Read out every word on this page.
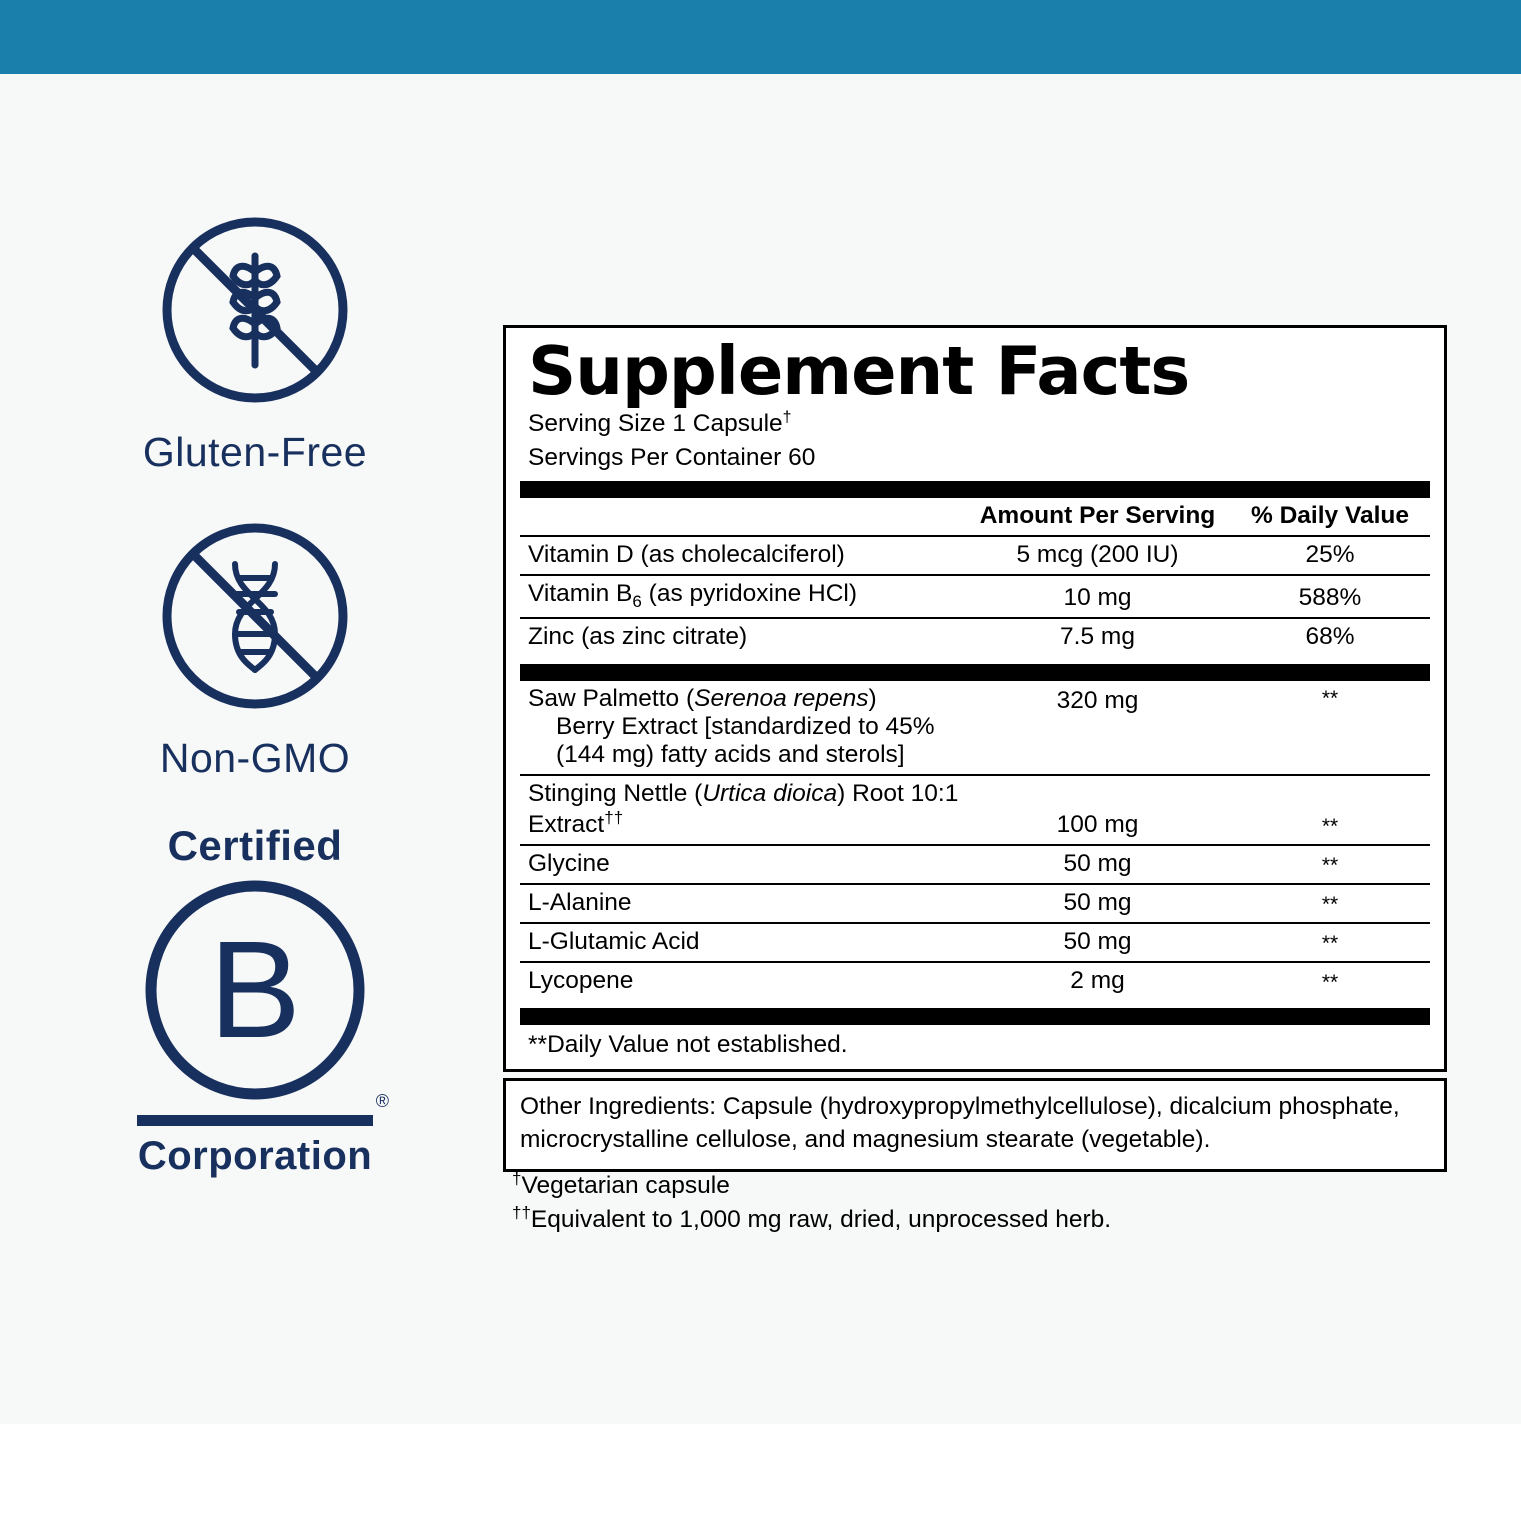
Gluten-Free
Non-GMO
Certified
B
®
Corporation
Supplement Facts
Serving Size 1 Capsule†
Servings Per Container 60
	Amount Per Serving	% Daily Value
Vitamin D (as cholecalciferol)	5 mcg (200 IU)	25%
Vitamin $B_6$ (as pyridoxine HCl)	10 mg	588%
Zinc (as zinc citrate)	7.5 mg	68%
Saw Palmetto (Serenoa repens)
Berry Extract [standardized to 45% (144 mg) fatty acids and sterols]	320 mg	**
Stinging Nettle (Urtica dioica) Root 10:1 Extract††	100 mg	**
Glycine	50 mg	**
L-Alanine	50 mg	**
L-Glutamic Acid	50 mg	**
Lycopene	2 mg	**
**Daily Value not established.
Other Ingredients: Capsule (hydroxypropylmethylcellulose), dicalcium phosphate, microcrystalline cellulose, and magnesium stearate (vegetable).
†Vegetarian capsule
††Equivalent to 1,000 mg raw, dried, unprocessed herb.
